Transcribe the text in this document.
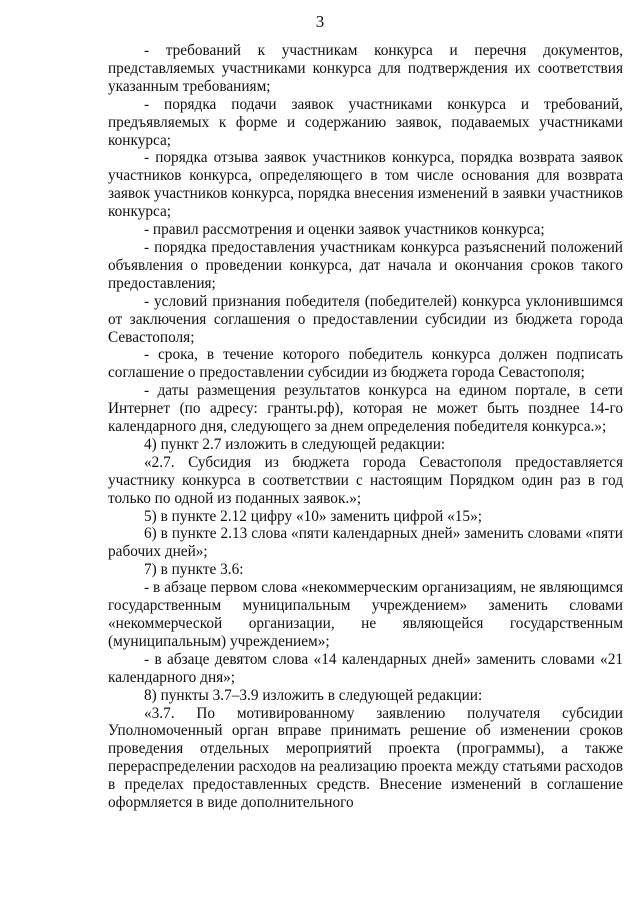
3

- требований к участникам конкурса и перечня документов, представляемых участниками конкурса для подтверждения их соответствия указанным требованиям;

- порядка подачи заявок участниками конкурса и требований, предъявляемых к форме и содержанию заявок, подаваемых участниками конкурса;

- порядка отзыва заявок участников конкурса, порядка возврата заявок участников конкурса, определяющего в том числе основания для возврата заявок участников конкурса, порядка внесения изменений в заявки участников конкурса;

- правил рассмотрения и оценки заявок участников конкурса;

- порядка предоставления участникам конкурса разъяснений положений объявления о проведении конкурса, дат начала и окончания сроков такого предоставления;

- условий признания победителя (победителей) конкурса уклонившимся от заключения соглашения о предоставлении субсидии из бюджета города Севастополя;

- срока, в течение которого победитель конкурса должен подписать соглашение о предоставлении субсидии из бюджета города Севастополя;

- даты размещения результатов конкурса на едином портале, в сети Интернет (по адресу: гранты.рф), которая не может быть позднее 14-го календарного дня, следующего за днем определения победителя конкурса.»;

4) пункт 2.7 изложить в следующей редакции:

«2.7. Субсидия из бюджета города Севастополя предоставляется участнику конкурса в соответствии с настоящим Порядком один раз в год только по одной из поданных заявок.»;

5) в пункте 2.12 цифру «10» заменить цифрой «15»;

6) в пункте 2.13 слова «пяти календарных дней» заменить словами «пяти рабочих дней»;

7) в пункте 3.6:

- в абзаце первом слова «некоммерческим организациям, не являющимся государственным муниципальным учреждением» заменить словами «некоммерческой организации, не являющейся государственным (муниципальным) учреждением»;

- в абзаце девятом слова «14 календарных дней» заменить словами «21 календарного дня»;

8) пункты 3.7–3.9 изложить в следующей редакции:

«3.7. По мотивированному заявлению получателя субсидии Уполномоченный орган вправе принимать решение об изменении сроков проведения отдельных мероприятий проекта (программы), а также перераспределении расходов на реализацию проекта между статьями расходов в пределах предоставленных средств. Внесение изменений в соглашение оформляется в виде дополнительного
